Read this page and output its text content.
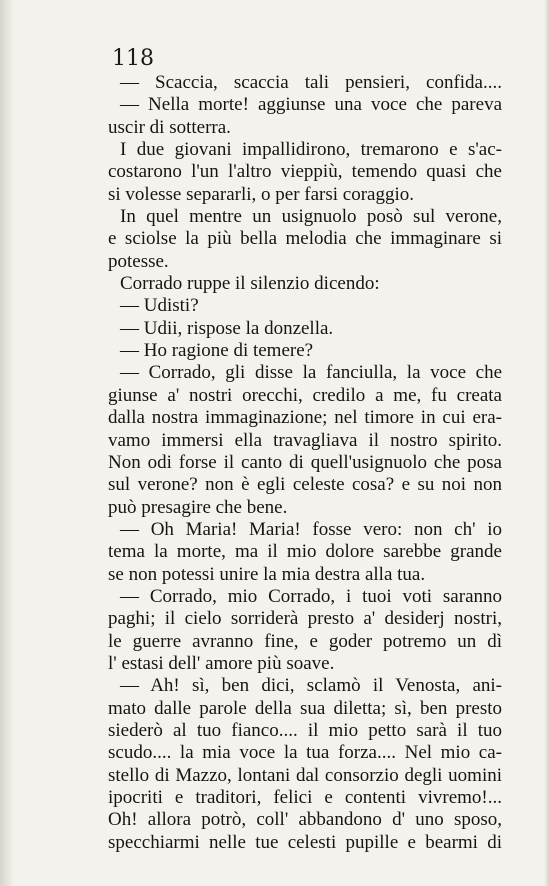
118
— Scaccia, scaccia tali pensieri, confida....
— Nella morte! aggiunse una voce che pareva
uscir di sotterra.
I due giovani impallidirono, tremarono e s'ac-
costarono l'un l'altro vieppiù, temendo quasi che
si volesse separarli, o per farsi coraggio.
In quel mentre un usignuolo posò sul verone,
e sciolse la più bella melodia che immaginare si
potesse.
Corrado ruppe il silenzio dicendo:
— Udisti?
— Udii, rispose la donzella.
— Ho ragione di temere?
— Corrado, gli disse la fanciulla, la voce che
giunse a' nostri orecchi, credilo a me, fu creata
dalla nostra immaginazione; nel timore in cui era-
vamo immersi ella travagliava il nostro spirito.
Non odi forse il canto di quell'usignuolo che posa
sul verone? non è egli celeste cosa? e su noi non
può presagire che bene.
— Oh Maria! Maria! fosse vero: non ch' io
tema la morte, ma il mio dolore sarebbe grande
se non potessi unire la mia destra alla tua.
— Corrado, mio Corrado, i tuoi voti saranno
paghi; il cielo sorriderà presto a' desiderj nostri,
le guerre avranno fine, e goder potremo un dì
l' estasi dell' amore più soave.
— Ah! sì, ben dici, sclamò il Venosta, ani-
mato dalle parole della sua diletta; sì, ben presto
siederò al tuo fianco.... il mio petto sarà il tuo
scudo.... la mia voce la tua forza.... Nel mio ca-
stello di Mazzo, lontani dal consorzio degli uomini
ipocriti e traditori, felici e contenti vivremo!...
Oh! allora potrò, coll' abbandono d' uno sposo,
specchiarmi nelle tue celesti pupille e bearmi di
